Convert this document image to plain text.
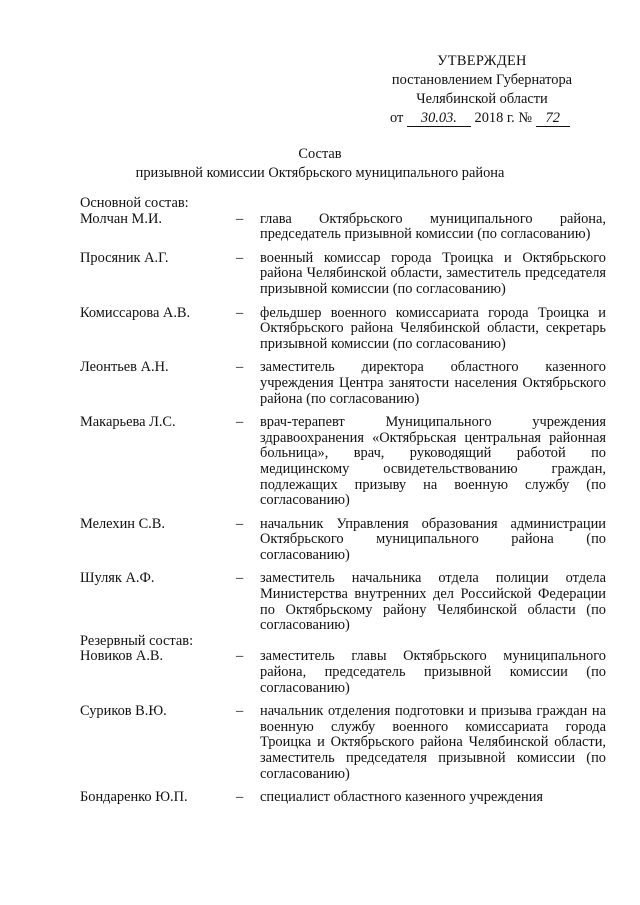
УТВЕРЖДЕН
постановлением Губернатора
Челябинской области
от 30.03. 2018 г. № 72
Состав
призывной комиссии Октябрьского муниципального района
Основной состав:
Молчан М.И.	–	глава Октябрьского муниципального района, председатель призывной комиссии (по согласованию)
Просяник А.Г.	–	военный комиссар города Троицка и Октябрьского района Челябинской области, заместитель председателя призывной комиссии (по согласованию)
Комиссарова А.В.	–	фельдшер военного комиссариата города Троицка и Октябрьского района Челябинской области, секретарь призывной комиссии (по согласованию)
Леонтьев А.Н.	–	заместитель директора областного казенного учреждения Центра занятости населения Октябрьского района (по согласованию)
Макарьева Л.С.	–	врач-терапевт Муниципального учреждения здравоохранения «Октябрьская центральная районная больница», врач, руководящий работой по медицинскому освидетельствованию граждан, подлежащих призыву на военную службу (по согласованию)
Мелехин С.В.	–	начальник Управления образования администрации Октябрьского муниципального района (по согласованию)
Шуляк А.Ф.	–	заместитель начальника отдела полиции отдела Министерства внутренних дел Российской Федерации по Октябрьскому району Челябинской области (по согласованию)
Резервный состав:
Новиков А.В.	–	заместитель главы Октябрьского муниципального района, председатель призывной комиссии (по согласованию)
Суриков В.Ю.	–	начальник отделения подготовки и призыва граждан на военную службу военного комиссариата города Троицка и Октябрьского района Челябинской области, заместитель председателя призывной комиссии (по согласованию)
Бондаренко Ю.П.	–	специалист областного казенного учреждения
